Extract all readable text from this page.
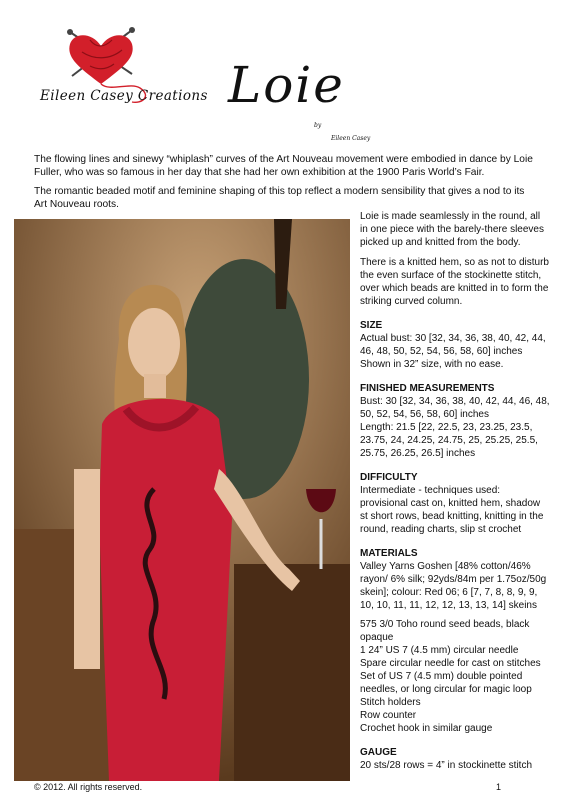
Eileen Casey Creations Loie
by
Eileen Casey

The flowing lines and sinewy “whiplash” curves of the Art Nouveau movement were embodied in dance by Loie Fuller, who was so famous in her day that she had her own exhibition at the 1900 Paris World’s Fair.

The romantic beaded motif and feminine shaping of this top reflect a modern sensibility that gives a nod to its Art Nouveau roots.

Loie is made seamlessly in the round, all in one piece with the barely-there sleeves picked up and knitted from the body.

There is a knitted hem, so as not to disturb the even surface of the stockinette stitch, over which beads are knitted in to form the striking curved column.

SIZE

Actual bust: 30 [32, 34, 36, 38, 40, 42, 44, 46, 48, 50, 52, 54, 56, 58, 60] inches

Shown in 32” size, with no ease.

FINISHED MEASUREMENTS

Bust: 30 [32, 34, 36, 38, 40, 42, 44, 46, 48, 50, 52, 54, 56, 58, 60] inches

Length: 21.5 [22, 22.5, 23, 23.25, 23.5, 23.75, 24, 24.25, 24.75, 25, 25.25, 25.5, 25.75, 26.25, 26.5] inches

DIFFICULTY

Intermediate - techniques used: provisional cast on, knitted hem, shadow st short rows, bead knitting, knitting in the round, reading charts, slip st crochet

MATERIALS

Valley Yarns Goshen [48% cotton/46% rayon/ 6% silk; 92yds/84m per 1.75oz/50g skein]; colour: Red 06; 6 [7, 7, 8, 8, 9, 9, 10, 10, 11, 11, 12, 12, 13, 13, 14] skeins

575 3/0 Toho round seed beads, black opaque

1 24” US 7 (4.5 mm) circular needle

Spare circular needle for cast on stitches

Set of US 7 (4.5 mm) double pointed needles, or long circular for magic loop

Stitch holders

Row counter

Crochet hook in similar gauge

GAUGE

20 sts/28 rows = 4” in stockinette stitch

© 2012. All rights reserved.	1
